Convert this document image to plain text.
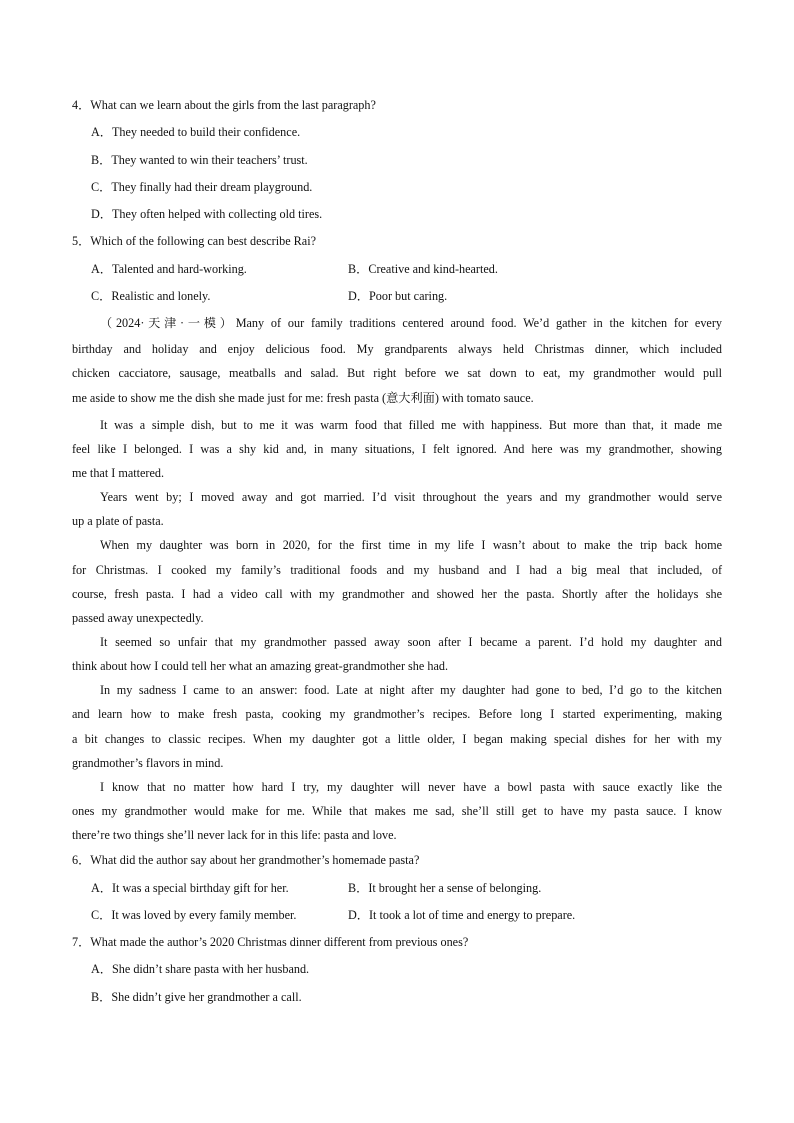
4．What can we learn about the girls from the last paragraph?
A．They needed to build their confidence.
B．They wanted to win their teachers’ trust.
C．They finally had their dream playground.
D．They often helped with collecting old tires.
5．Which of the following can best describe Rai?
A．Talented and hard-working.	B．Creative and kind-hearted.
C．Realistic and lonely.	D．Poor but caring.
（2024·天津·一模）Many of our family traditions centered around food. We’d gather in the kitchen for every
birthday and holiday and enjoy delicious food. My grandparents always held Christmas dinner, which included
chicken cacciatore, sausage, meatballs and salad. But right before we sat down to eat, my grandmother would pull
me aside to show me the dish she made just for me: fresh pasta (意大利面) with tomato sauce.
It was a simple dish, but to me it was warm food that filled me with happiness. But more than that, it made me
feel like I belonged. I was a shy kid and, in many situations, I felt ignored. And here was my grandmother, showing
me that I mattered.
Years went by; I moved away and got married. I’d visit throughout the years and my grandmother would serve
up a plate of pasta.
When my daughter was born in 2020, for the first time in my life I wasn’t about to make the trip back home
for Christmas. I cooked my family’s traditional foods and my husband and I had a big meal that included, of
course, fresh pasta. I had a video call with my grandmother and showed her the pasta. Shortly after the holidays she
passed away unexpectedly.
It seemed so unfair that my grandmother passed away soon after I became a parent. I’d hold my daughter and
think about how I could tell her what an amazing great-grandmother she had.
In my sadness I came to an answer: food. Late at night after my daughter had gone to bed, I’d go to the kitchen
and learn how to make fresh pasta, cooking my grandmother’s recipes. Before long I started experimenting, making
a bit changes to classic recipes. When my daughter got a little older, I began making special dishes for her with my
grandmother’s flavors in mind.
I know that no matter how hard I try, my daughter will never have a bowl pasta with sauce exactly like the
ones my grandmother would make for me. While that makes me sad, she’ll still get to have my pasta sauce. I know
there’re two things she’ll never lack for in this life: pasta and love.
6．What did the author say about her grandmother’s homemade pasta?
A．It was a special birthday gift for her.	B．It brought her a sense of belonging.
C．It was loved by every family member.	D．It took a lot of time and energy to prepare.
7．What made the author’s 2020 Christmas dinner different from previous ones?
A．She didn’t share pasta with her husband.
B．She didn’t give her grandmother a call.
